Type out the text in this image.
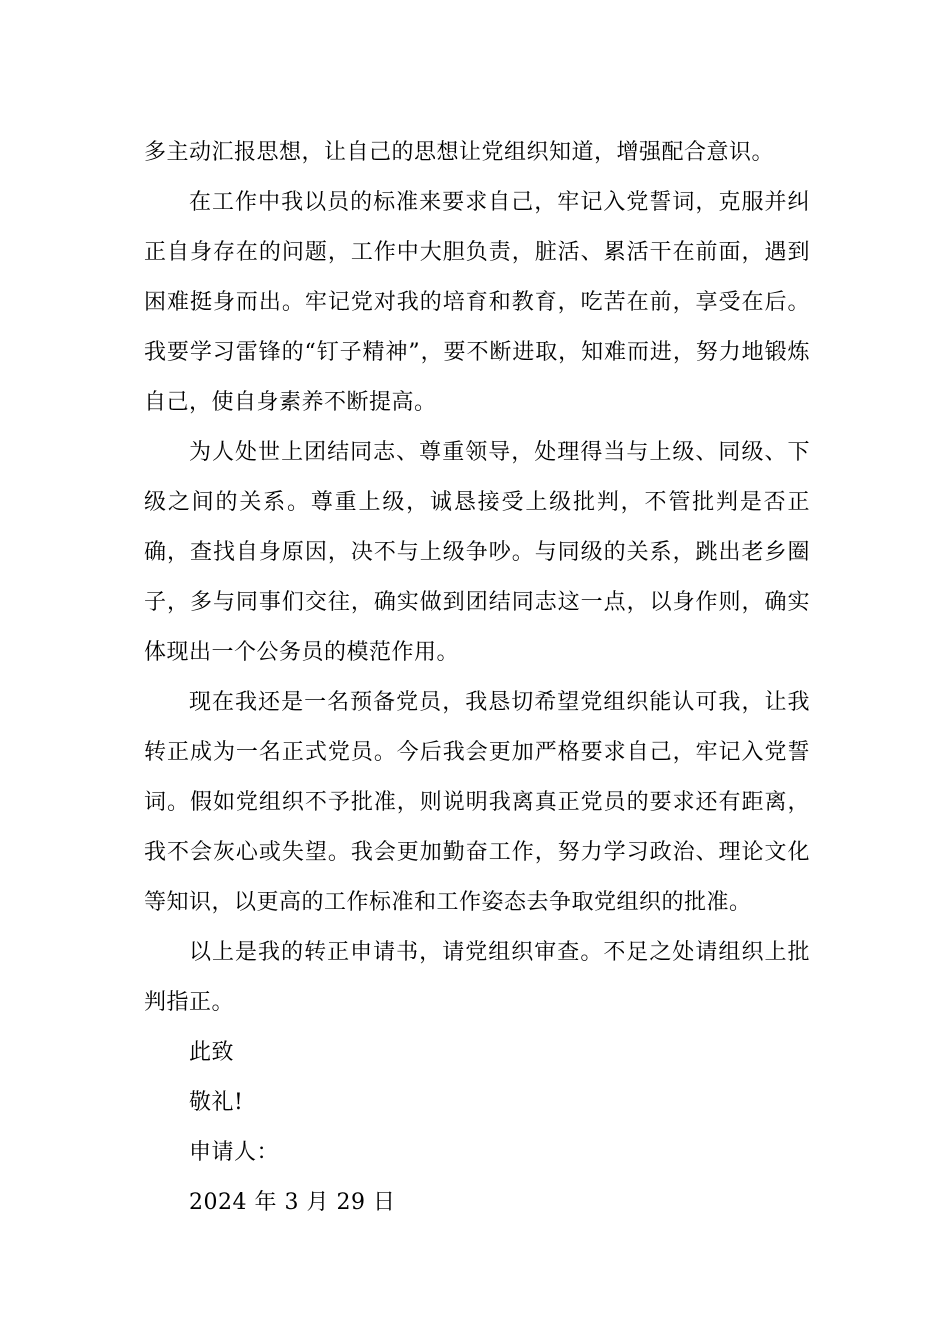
多主动汇报思想，让自己的思想让党组织知道，增强配合意识。

在工作中我以员的标准来要求自己，牢记入党誓词，克服并纠正自身存在的问题，工作中大胆负责，脏活、累活干在前面，遇到困难挺身而出。牢记党对我的培育和教育，吃苦在前，享受在后。我要学习雷锋的“钉子精神”，要不断进取，知难而进，努力地锻炼自己，使自身素养不断提高。

为人处世上团结同志、尊重领导，处理得当与上级、同级、下级之间的关系。尊重上级，诚恳接受上级批判，不管批判是否正确，查找自身原因，决不与上级争吵。与同级的关系，跳出老乡圈子，多与同事们交往，确实做到团结同志这一点，以身作则，确实体现出一个公务员的模范作用。

现在我还是一名预备党员，我恳切希望党组织能认可我，让我转正成为一名正式党员。今后我会更加严格要求自己，牢记入党誓词。假如党组织不予批准，则说明我离真正党员的要求还有距离，我不会灰心或失望。我会更加勤奋工作，努力学习政治、理论文化等知识，以更高的工作标准和工作姿态去争取党组织的批准。

以上是我的转正申请书，请党组织审查。不足之处请组织上批判指正。

此致

敬礼!

申请人：

2024 年 3 月 29 日
